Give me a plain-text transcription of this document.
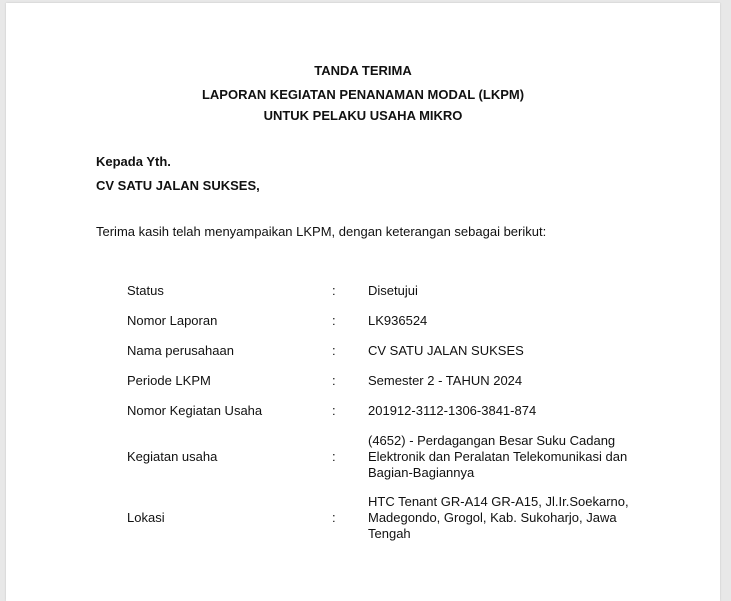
TANDA TERIMA
LAPORAN KEGIATAN PENANAMAN MODAL (LKPM)
UNTUK PELAKU USAHA MIKRO
Kepada Yth.
CV SATU JALAN SUKSES,
Terima kasih telah menyampaikan LKPM, dengan keterangan sebagai berikut:
Status	: Disetujui
Nomor Laporan	: LK936524
Nama perusahaan	: CV SATU JALAN SUKSES
Periode LKPM	: Semester 2 - TAHUN 2024
Nomor Kegiatan Usaha	: 201912-3112-1306-3841-874
Kegiatan usaha	:
(4652) - Perdagangan Besar Suku Cadang Elektronik dan Peralatan Telekomunikasi dan Bagian-Bagiannya
Lokasi	:
HTC Tenant GR-A14 GR-A15, Jl.Ir.Soekarno, Madegondo, Grogol, Kab. Sukoharjo, Jawa Tengah
